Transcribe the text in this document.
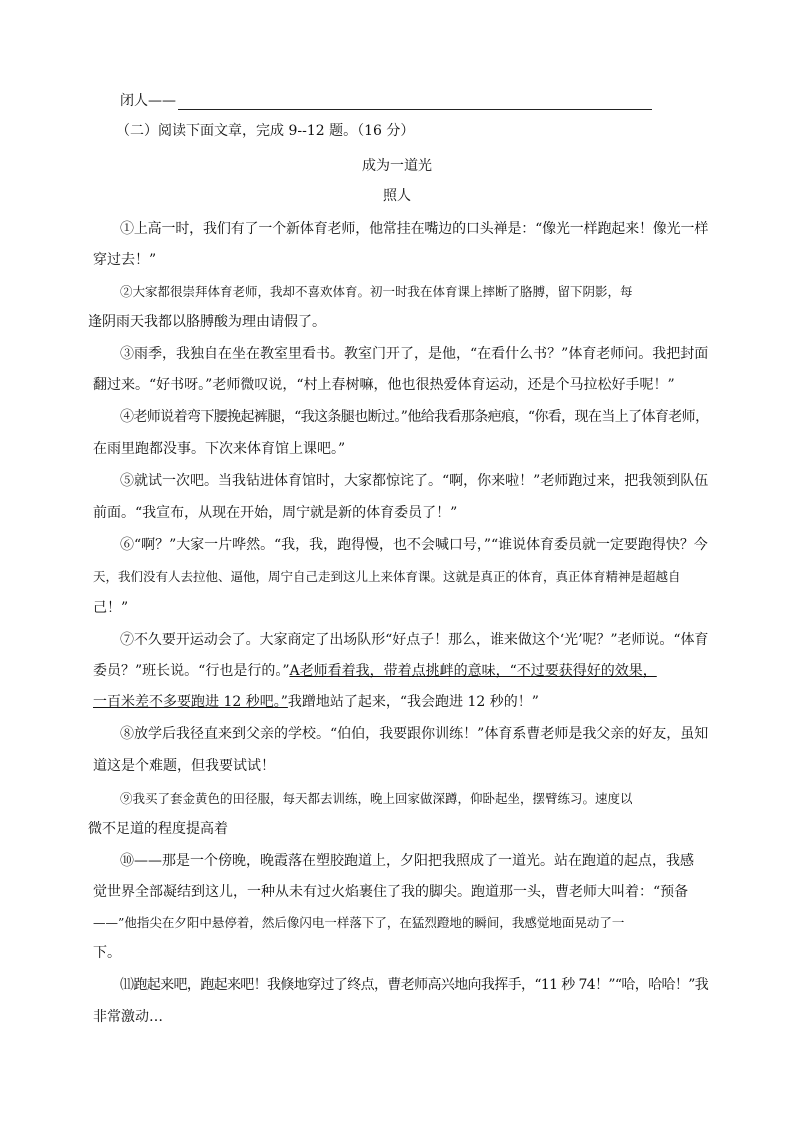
闭人——
（二）阅读下面文章，完成 9--12 题。（16 分）
成为一道光
照人
①上高一时，我们有了一个新体育老师，他常挂在嘴边的口头禅是：“像光一样跑起来！像光一样
穿过去！”
②大家都很崇拜体育老师，我却不喜欢体育。初一时我在体育课上摔断了胳膊，留下阴影，每
逢阴雨天我都以胳膊酸为理由请假了。
③雨季，我独自在坐在教室里看书。教室门开了，是他，“在看什么书？”体育老师问。我把封面
翻过来。“好书呀。”老师微叹说，“村上春树嘛，他也很热爱体育运动，还是个马拉松好手呢！”
④老师说着弯下腰挽起裤腿，“我这条腿也断过。”他给我看那条疤痕，“你看，现在当上了体育老师，
在雨里跑都没事。下次来体育馆上课吧。”
⑤就试一次吧。当我钻进体育馆时，大家都惊诧了。“啊，你来啦！”老师跑过来，把我领到队伍
前面。“我宣布，从现在开始，周宁就是新的体育委员了！”
⑥“啊？”大家一片哗然。“我，我，跑得慢，也不会喊口号，”“谁说体育委员就一定要跑得快？今
天，我们没有人去拉他、逼他，周宁自己走到这儿上来体育课。这就是真正的体育，真正体育精神是超越自
己！”
⑦不久要开运动会了。大家商定了出场队形“好点子！那么，谁来做这个‘光’呢？”老师说。“体育
委员？”班长说。“行也是行的。”A老师看着我，带着点挑衅的意味，“不过要获得好的效果，
一百米差不多要跑进 12 秒吧。”我蹭地站了起来，“我会跑进 12 秒的！”
⑧放学后我径直来到父亲的学校。“伯伯，我要跟你训练！”体育系曹老师是我父亲的好友，虽知
道这是个难题，但我要试试！
⑨我买了套金黄色的田径服，每天都去训练，晚上回家做深蹲，仰卧起坐，摆臂练习。速度以
微不足道的程度提高着
⑩——那是一个傍晚，晚霞落在塑胶跑道上，夕阳把我照成了一道光。站在跑道的起点，我感
觉世界全部凝结到这儿，一种从未有过火焰裹住了我的脚尖。跑道那一头，曹老师大叫着：“预备
——”他指尖在夕阳中悬停着，然后像闪电一样落下了，在猛烈蹬地的瞬间，我感觉地面晃动了一
下。
⑾跑起来吧，跑起来吧！我倏地穿过了终点，曹老师高兴地向我挥手，“11 秒 74！”“哈，哈哈！”我
非常激动…
